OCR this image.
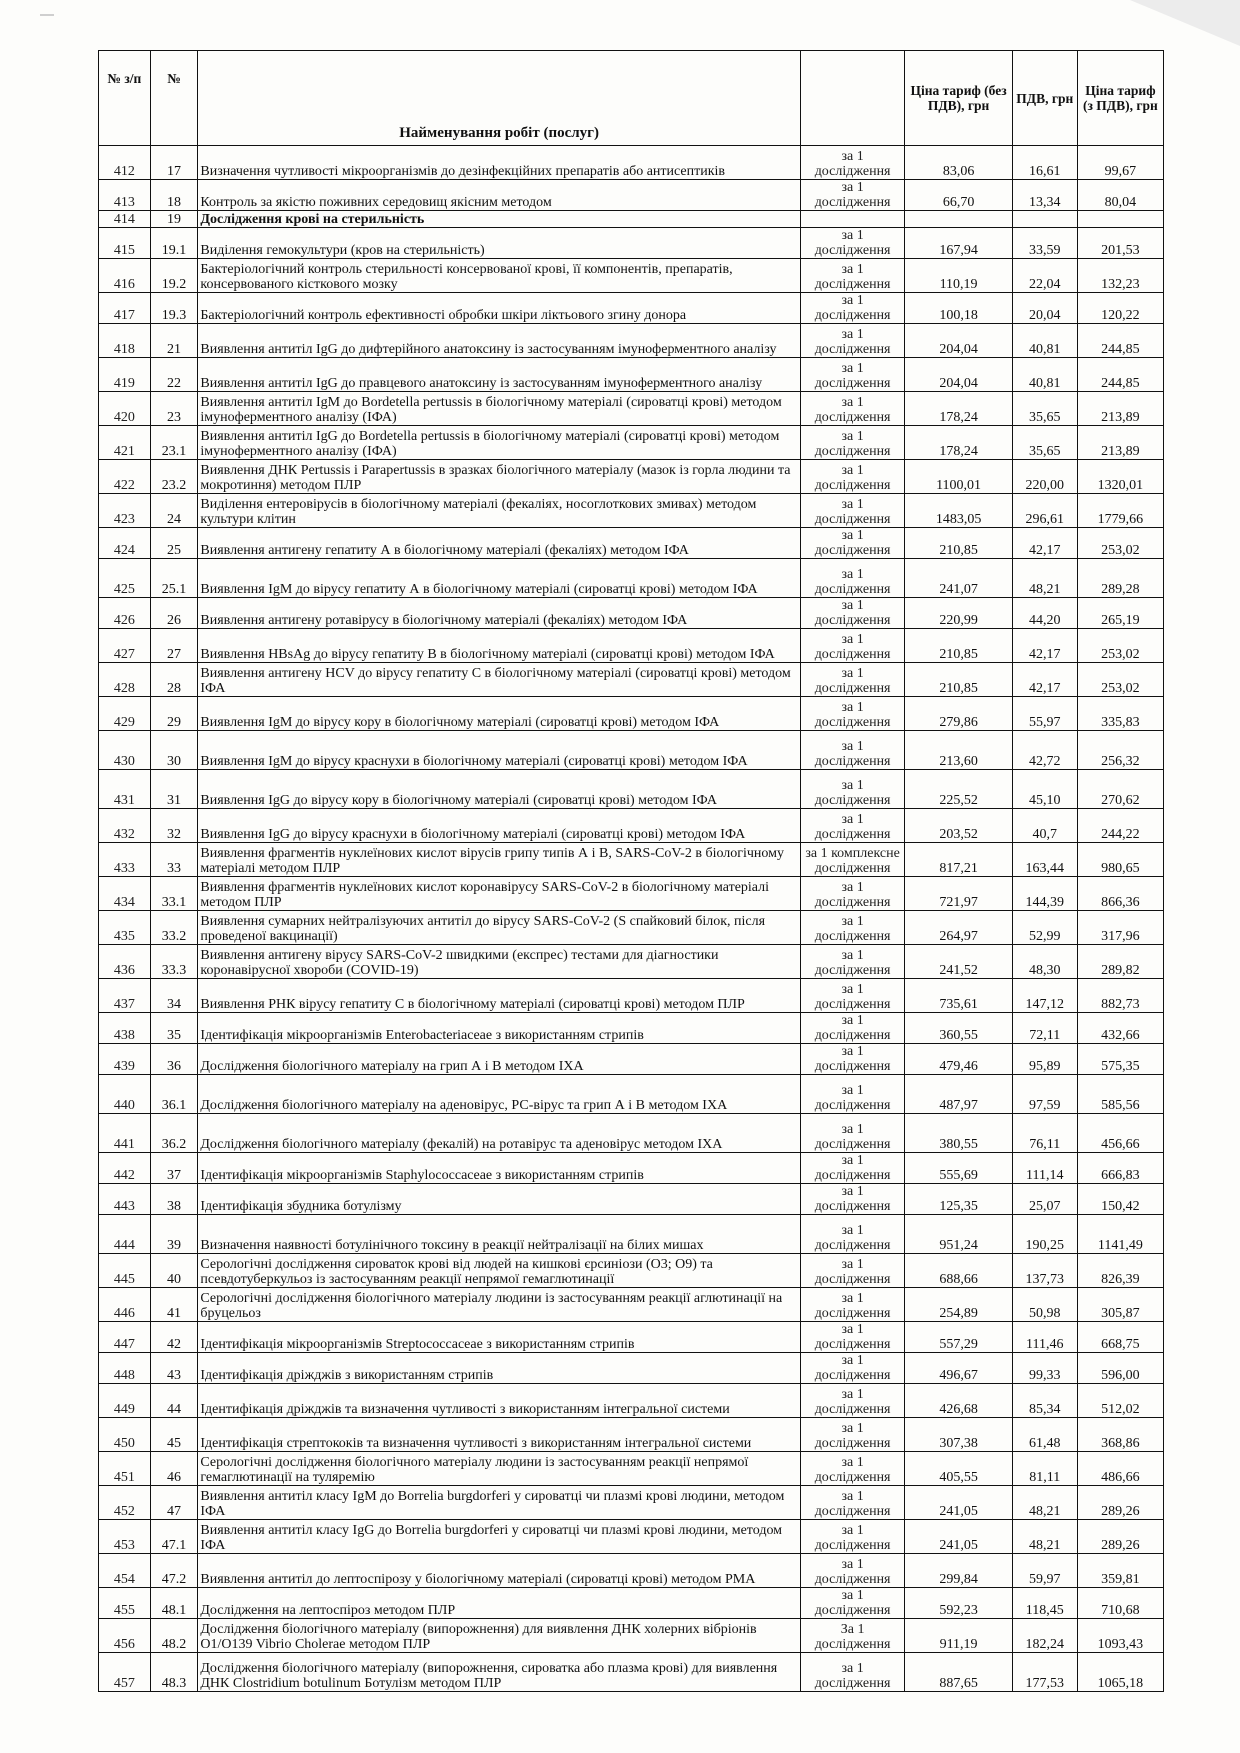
№ з/п	№	Найменування робіт (послуг)		Ціна тариф (без ПДВ), грн	ПДВ, грн	Ціна тариф (з ПДВ), грн
412	17	Визначення чутливості мікроорганізмів до дезінфекційних препаратів або антисептиків	за 1 дослідження	83,06	16,61	99,67
413	18	Контроль за якістю поживних середовищ якісним методом	за 1 дослідження	66,70	13,34	80,04
414	19	Дослідження крові на стерильність				
415	19.1	Виділення гемокультури (кров на стерильність)	за 1 дослідження	167,94	33,59	201,53
416	19.2	Бактеріологічний контроль стерильності консервованої крові, її компонентів, препаратів, консервованого кісткового мозку	за 1 дослідження	110,19	22,04	132,23
417	19.3	Бактеріологічний контроль ефективності обробки шкіри ліктьового згину донора	за 1 дослідження	100,18	20,04	120,22
418	21	Виявлення антитіл IgG до дифтерійного анатоксину із застосуванням імуноферментного аналізу	за 1 дослідження	204,04	40,81	244,85
419	22	Виявлення антитіл IgG до правцевого анатоксину із застосуванням імуноферментного аналізу	за 1 дослідження	204,04	40,81	244,85
420	23	Виявлення антитіл IgM до Bordetella pertussis в біологічному матеріалі (сироватці крові) методом імуноферментного аналізу (ІФА)	за 1 дослідження	178,24	35,65	213,89
421	23.1	Виявлення антитіл IgG до Bordetella pertussis в біологічному матеріалі (сироватці крові) методом імуноферментного аналізу (ІФА)	за 1 дослідження	178,24	35,65	213,89
422	23.2	Виявлення ДНК Pertussis і Parapertussis в зразках біологічного матеріалу (мазок із горла людини та мокротиння) методом ПЛР	за 1 дослідження	1100,01	220,00	1320,01
423	24	Виділення ентеровірусів в біологічному матеріалі (фекаліях, носоглоткових змивах) методом культури клітин	за 1 дослідження	1483,05	296,61	1779,66
424	25	Виявлення антигену гепатиту А в біологічному матеріалі (фекаліях) методом ІФА	за 1 дослідження	210,85	42,17	253,02
425	25.1	Виявлення IgM до вірусу гепатиту А в біологічному матеріалі (сироватці крові) методом ІФА	за 1 дослідження	241,07	48,21	289,28
426	26	Виявлення антигену ротавірусу в біологічному матеріалі (фекаліях) методом ІФА	за 1 дослідження	220,99	44,20	265,19
427	27	Виявлення HBsAg до вірусу гепатиту В в біологічному матеріалі (сироватці крові) методом ІФА	за 1 дослідження	210,85	42,17	253,02
428	28	Виявлення антигену HCV до вірусу гепатиту С в біологічному матеріалі (сироватці крові) методом ІФА	за 1 дослідження	210,85	42,17	253,02
429	29	Виявлення IgM до вірусу кору в біологічному матеріалі (сироватці крові) методом ІФА	за 1 дослідження	279,86	55,97	335,83
430	30	Виявлення IgM до вірусу краснухи в біологічному матеріалі (сироватці крові) методом ІФА	за 1 дослідження	213,60	42,72	256,32
431	31	Виявлення IgG до вірусу кору в біологічному матеріалі (сироватці крові) методом ІФА	за 1 дослідження	225,52	45,10	270,62
432	32	Виявлення IgG до вірусу краснухи в біологічному матеріалі (сироватці крові) методом ІФА	за 1 дослідження	203,52	40,7	244,22
433	33	Виявлення фрагментів нуклеїнових кислот вірусів грипу типів А і В, SARS-CoV-2 в біологічному матеріалі методом ПЛР	за 1 комплексне дослідження	817,21	163,44	980,65
434	33.1	Виявлення фрагментів нуклеїнових кислот коронавірусу SARS-CoV-2 в біологічному матеріалі методом ПЛР	за 1 дослідження	721,97	144,39	866,36
435	33.2	Виявлення сумарних нейтралізуючих антитіл до вірусу SARS-CoV-2 (S спайковий білок, після проведеної вакцинації)	за 1 дослідження	264,97	52,99	317,96
436	33.3	Виявлення антигену вірусу SARS-CoV-2 швидкими (експрес) тестами для діагностики коронавірусної хвороби (COVID-19)	за 1 дослідження	241,52	48,30	289,82
437	34	Виявлення РНК вірусу гепатиту С в біологічному матеріалі (сироватці крові) методом ПЛР	за 1 дослідження	735,61	147,12	882,73
438	35	Ідентифікація мікроорганізмів Enterobacteriaceae з використанням стрипів	за 1 дослідження	360,55	72,11	432,66
439	36	Дослідження біологічного матеріалу на грип А і В методом ІХА	за 1 дослідження	479,46	95,89	575,35
440	36.1	Дослідження біологічного матеріалу на аденовірус, РС-вірус та грип А і В методом ІХА	за 1 дослідження	487,97	97,59	585,56
441	36.2	Дослідження біологічного матеріалу (фекалій) на ротавірус та аденовірус методом ІХА	за 1 дослідження	380,55	76,11	456,66
442	37	Ідентифікація мікроорганізмів Staphylococcaceae з використанням стрипів	за 1 дослідження	555,69	111,14	666,83
443	38	Ідентифікація збудника ботулізму	за 1 дослідження	125,35	25,07	150,42
444	39	Визначення наявності ботулінічного токсину в реакції нейтралізації на білих мишах	за 1 дослідження	951,24	190,25	1141,49
445	40	Серологічні дослідження сироваток крові від людей на кишкові єрсиніози (О3; О9) та псевдотуберкульоз із застосуванням реакції непрямої гемаглютинації	за 1 дослідження	688,66	137,73	826,39
446	41	Серологічні дослідження біологічного матеріалу людини із застосуванням реакції аглютинації на бруцельоз	за 1 дослідження	254,89	50,98	305,87
447	42	Ідентифікація мікроорганізмів Streptococcaceae з використанням стрипів	за 1 дослідження	557,29	111,46	668,75
448	43	Ідентифікація дріжджів з використанням стрипів	за 1 дослідження	496,67	99,33	596,00
449	44	Ідентифікація дріжджів та визначення чутливості з використанням інтегральної системи	за 1 дослідження	426,68	85,34	512,02
450	45	Ідентифікація стрептококів та визначення чутливості з використанням інтегральної системи	за 1 дослідження	307,38	61,48	368,86
451	46	Серологічні дослідження біологічного матеріалу людини із застосуванням реакції непрямої гемаглютинації на туляремію	за 1 дослідження	405,55	81,11	486,66
452	47	Виявлення антитіл класу IgM до Borrelia burgdorferi у сироватці чи плазмі крові людини, методом ІФА	за 1 дослідження	241,05	48,21	289,26
453	47.1	Виявлення антитіл класу IgG до Borrelia burgdorferi у сироватці чи плазмі крові людини, методом ІФА	за 1 дослідження	241,05	48,21	289,26
454	47.2	Виявлення антитіл до лептоспірозу у біологічному матеріалі (сироватці крові) методом РМА	за 1 дослідження	299,84	59,97	359,81
455	48.1	Дослідження на лептоспіроз методом ПЛР	за 1 дослідження	592,23	118,45	710,68
456	48.2	Дослідження біологічного матеріалу (випорожнення) для виявлення ДНК холерних вібріонів O1/O139 Vibrio Cholerae методом ПЛР	За 1 дослідження	911,19	182,24	1093,43
457	48.3	Дослідження біологічного матеріалу (випорожнення, сироватка або плазма крові) для виявлення ДНК Clostridium botulinum Ботулізм методом ПЛР	за 1 дослідження	887,65	177,53	1065,18
